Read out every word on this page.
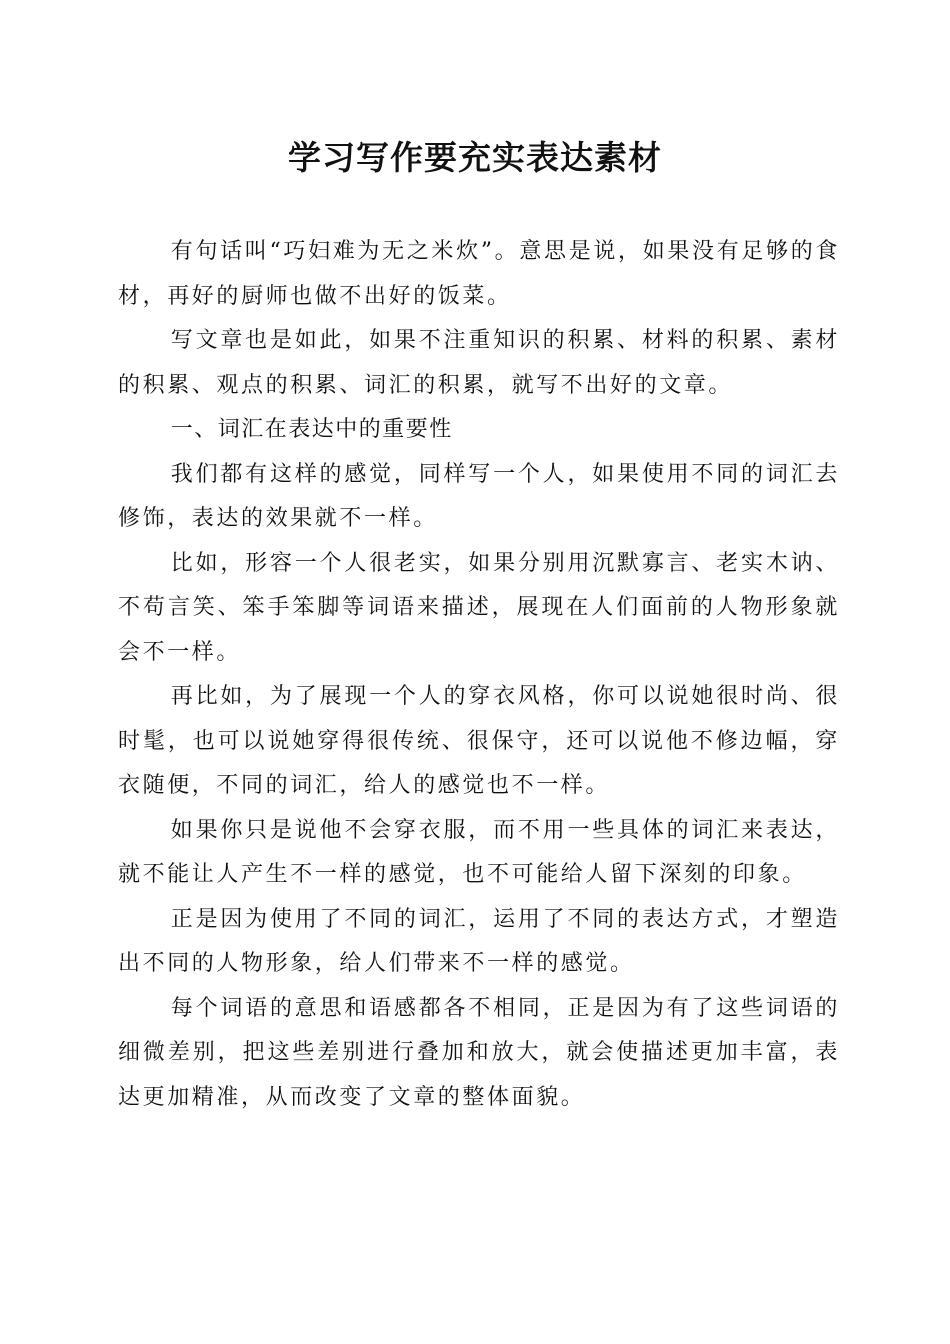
学习写作要充实表达素材

有句话叫“巧妇难为无之米炊”。意思是说，如果没有足够的食材，再好的厨师也做不出好的饭菜。

写文章也是如此，如果不注重知识的积累、材料的积累、素材的积累、观点的积累、词汇的积累，就写不出好的文章。

一、词汇在表达中的重要性

我们都有这样的感觉，同样写一个人，如果使用不同的词汇去修饰，表达的效果就不一样。

比如，形容一个人很老实，如果分别用沉默寡言、老实木讷、不苟言笑、笨手笨脚等词语来描述，展现在人们面前的人物形象就会不一样。

再比如，为了展现一个人的穿衣风格，你可以说她很时尚、很时髦，也可以说她穿得很传统、很保守，还可以说他不修边幅，穿衣随便，不同的词汇，给人的感觉也不一样。

如果你只是说他不会穿衣服，而不用一些具体的词汇来表达，就不能让人产生不一样的感觉，也不可能给人留下深刻的印象。

正是因为使用了不同的词汇，运用了不同的表达方式，才塑造出不同的人物形象，给人们带来不一样的感觉。

每个词语的意思和语感都各不相同，正是因为有了这些词语的细微差别，把这些差别进行叠加和放大，就会使描述更加丰富，表达更加精准，从而改变了文章的整体面貌。
